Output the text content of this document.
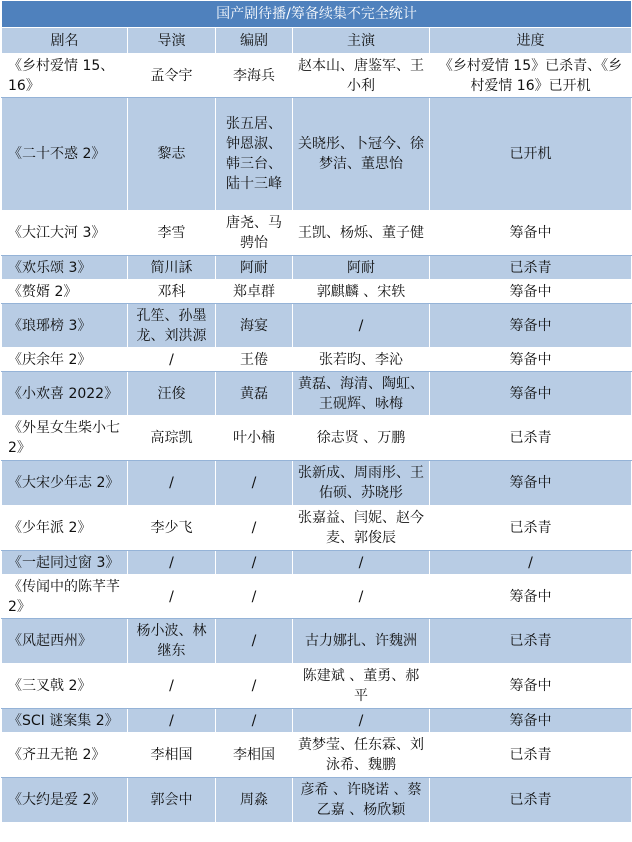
国产剧待播/筹备续集不完全统计				
剧名	导演	编剧	主演	进度
《乡村爱情 15、16》	孟令宇	李海兵	赵本山、唐鉴军、王小利	《乡村爱情 15》已杀青、《乡村爱情 16》已开机
《二十不惑 2》	黎志	张五居、钟恩淑、韩三台、陆十三峰	关晓彤、卜冠今、徐梦洁、董思怡	已开机
《大江大河 3》	李雪	唐尧、马骋怡	王凯、杨烁、董子健	筹备中
《欢乐颂 3》	简川訸	阿耐	阿耐	已杀青
《赘婿 2》	邓科	郑卓群	郭麒麟 、宋轶	筹备中
《琅琊榜 3》	孔笙、孙墨龙、刘洪源	海宴	/	筹备中
《庆余年 2》	/	王倦	张若昀、李沁	筹备中
《小欢喜 2022》	汪俊	黄磊	黄磊、海清、陶虹、王砚辉、咏梅	筹备中
《外星女生柴小七 2》	高琮凯	叶小楠	徐志贤 、万鹏	已杀青
《大宋少年志 2》	/	/	张新成、周雨彤、王佑硕、苏晓彤	筹备中
《少年派 2》	李少飞	/	张嘉益、闫妮、赵今麦、郭俊辰	已杀青
《一起同过窗 3》	/	/	/	/
《传闻中的陈芊芊 2》	/	/	/	筹备中
《风起西州》	杨小波、林继东	/	古力娜扎、许魏洲	已杀青
《三叉戟 2》	/	/	陈建斌 、董勇、郝平	筹备中
《SCI 谜案集 2》	/	/	/	筹备中
《齐丑无艳 2》	李相国	李相国	黄梦莹、任东霖、刘泳希、魏鹏	已杀青
《大约是爱 2》	郭会中	周淼	彦希 、许晓诺 、蔡乙嘉 、杨欣颖	已杀青
